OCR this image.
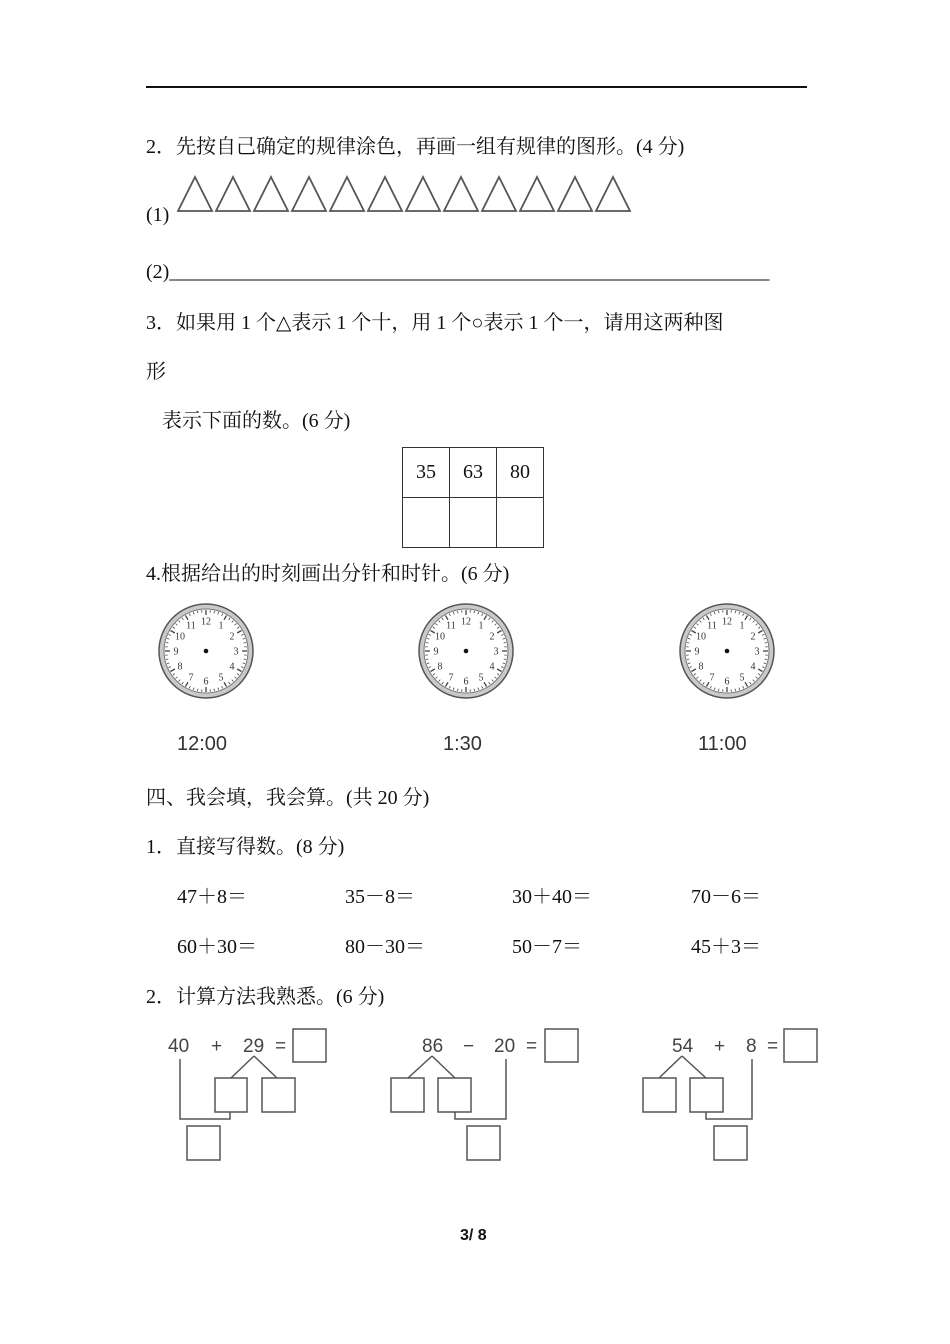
2．先按自己确定的规律涂色，再画一组有规律的图形。(4 分)
(1)
(2)____________________________________________________________
3．如果用 1 个△表示 1 个十，用 1 个○表示 1 个一，请用这两种图
形
表示下面的数。(6 分)
35	63	80

4.根据给出的时刻画出分针和时针。(6 分)
12 1
2
3
4
5
6
7
8
9
10
11	12 1
2
3
4
5
6
7
8
9
10
11	12 1
2
3
4
5
6
7
8
9
10
11
12:00	1:30	11:00
四、我会填，我会算。(共 20 分)
1．直接写得数。(8 分)
47＋8＝	35－8＝	30＋40＝	70－6＝
60＋30＝	80－30＝	50－7＝	45＋3＝
2．计算方法我熟悉。(6 分)
40 + 29 =	86 − 20 =	54 + 8 =
3/ 8
